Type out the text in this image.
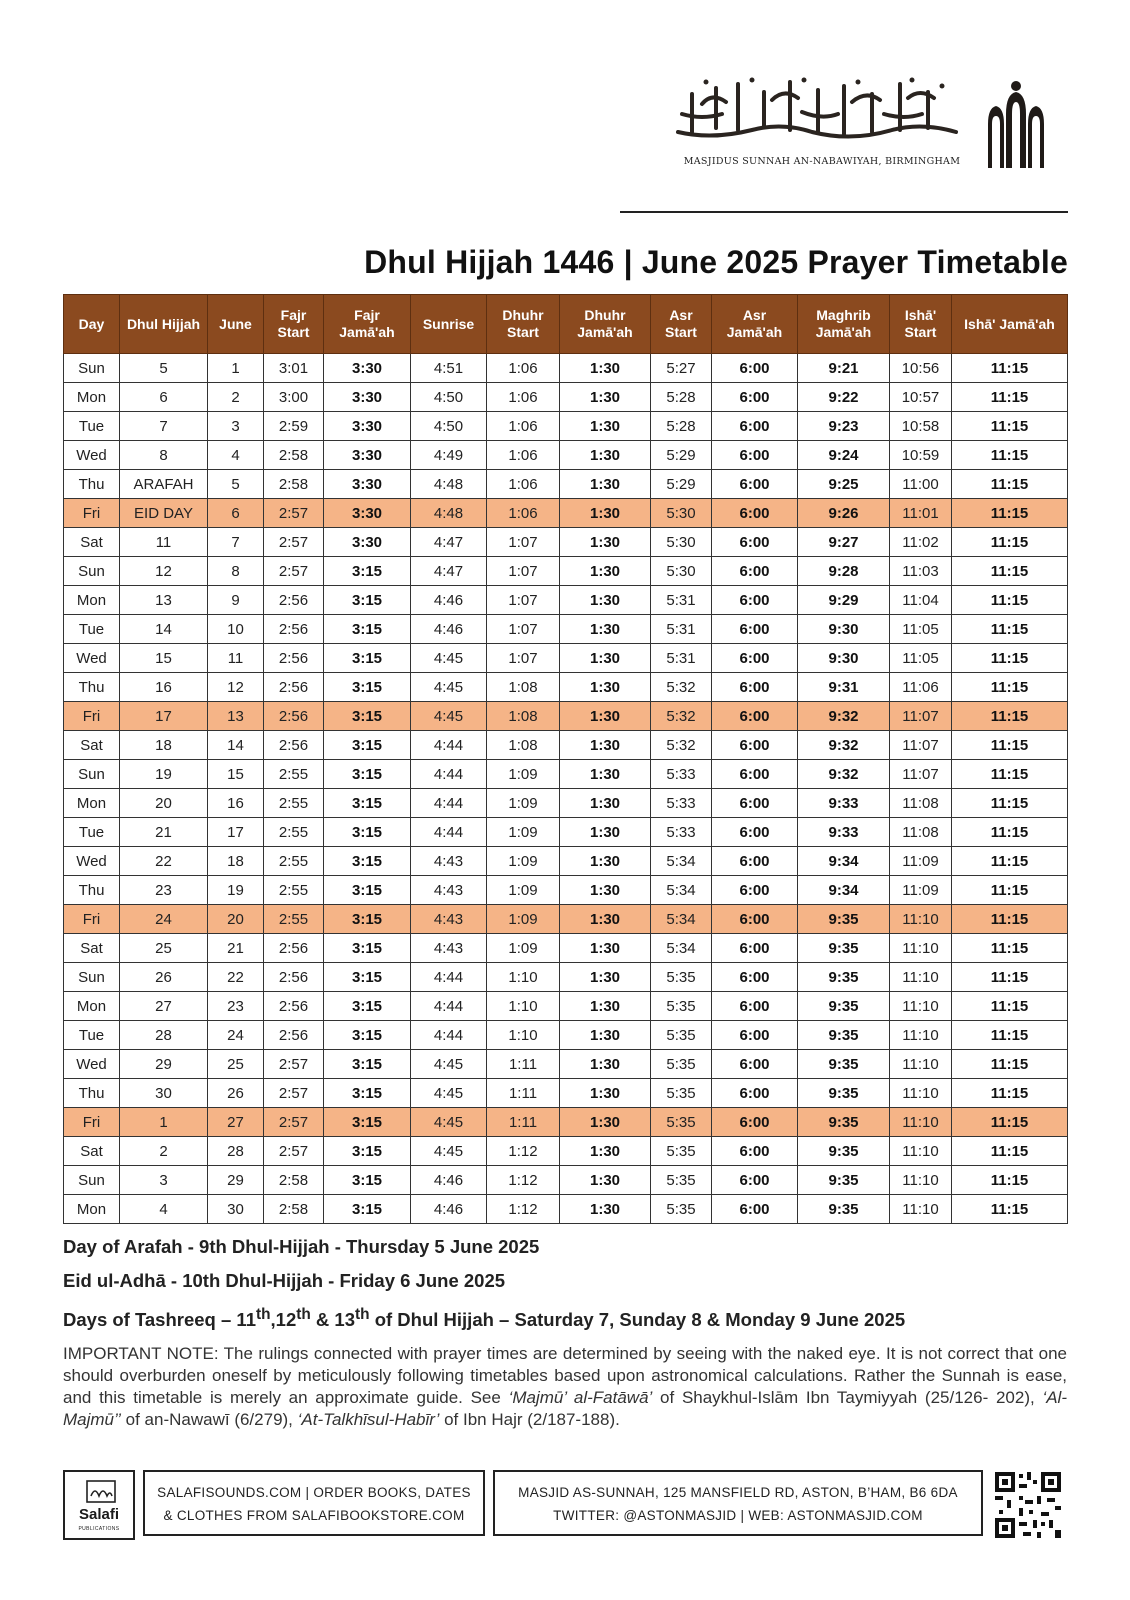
MASJIDUS SUNNAH AN-NABAWIYAH, BIRMINGHAM
Dhul Hijjah 1446 | June 2025 Prayer Timetable
Day	Dhul Hijjah	June	Fajr Start	Fajr Jamā'ah	Sunrise	Dhuhr Start	Dhuhr Jamā'ah	Asr Start	Asr Jamā'ah	Maghrib Jamā'ah	Ishā' Start	Ishā' Jamā'ah
Sun	5	1	3:01	3:30	4:51	1:06	1:30	5:27	6:00	9:21	10:56	11:15
Mon	6	2	3:00	3:30	4:50	1:06	1:30	5:28	6:00	9:22	10:57	11:15
Tue	7	3	2:59	3:30	4:50	1:06	1:30	5:28	6:00	9:23	10:58	11:15
Wed	8	4	2:58	3:30	4:49	1:06	1:30	5:29	6:00	9:24	10:59	11:15
Thu	ARAFAH	5	2:58	3:30	4:48	1:06	1:30	5:29	6:00	9:25	11:00	11:15
Fri	EID DAY	6	2:57	3:30	4:48	1:06	1:30	5:30	6:00	9:26	11:01	11:15
Sat	11	7	2:57	3:30	4:47	1:07	1:30	5:30	6:00	9:27	11:02	11:15
Sun	12	8	2:57	3:15	4:47	1:07	1:30	5:30	6:00	9:28	11:03	11:15
Mon	13	9	2:56	3:15	4:46	1:07	1:30	5:31	6:00	9:29	11:04	11:15
Tue	14	10	2:56	3:15	4:46	1:07	1:30	5:31	6:00	9:30	11:05	11:15
Wed	15	11	2:56	3:15	4:45	1:07	1:30	5:31	6:00	9:30	11:05	11:15
Thu	16	12	2:56	3:15	4:45	1:08	1:30	5:32	6:00	9:31	11:06	11:15
Fri	17	13	2:56	3:15	4:45	1:08	1:30	5:32	6:00	9:32	11:07	11:15
Sat	18	14	2:56	3:15	4:44	1:08	1:30	5:32	6:00	9:32	11:07	11:15
Sun	19	15	2:55	3:15	4:44	1:09	1:30	5:33	6:00	9:32	11:07	11:15
Mon	20	16	2:55	3:15	4:44	1:09	1:30	5:33	6:00	9:33	11:08	11:15
Tue	21	17	2:55	3:15	4:44	1:09	1:30	5:33	6:00	9:33	11:08	11:15
Wed	22	18	2:55	3:15	4:43	1:09	1:30	5:34	6:00	9:34	11:09	11:15
Thu	23	19	2:55	3:15	4:43	1:09	1:30	5:34	6:00	9:34	11:09	11:15
Fri	24	20	2:55	3:15	4:43	1:09	1:30	5:34	6:00	9:35	11:10	11:15
Sat	25	21	2:56	3:15	4:43	1:09	1:30	5:34	6:00	9:35	11:10	11:15
Sun	26	22	2:56	3:15	4:44	1:10	1:30	5:35	6:00	9:35	11:10	11:15
Mon	27	23	2:56	3:15	4:44	1:10	1:30	5:35	6:00	9:35	11:10	11:15
Tue	28	24	2:56	3:15	4:44	1:10	1:30	5:35	6:00	9:35	11:10	11:15
Wed	29	25	2:57	3:15	4:45	1:11	1:30	5:35	6:00	9:35	11:10	11:15
Thu	30	26	2:57	3:15	4:45	1:11	1:30	5:35	6:00	9:35	11:10	11:15
Fri	1	27	2:57	3:15	4:45	1:11	1:30	5:35	6:00	9:35	11:10	11:15
Sat	2	28	2:57	3:15	4:45	1:12	1:30	5:35	6:00	9:35	11:10	11:15
Sun	3	29	2:58	3:15	4:46	1:12	1:30	5:35	6:00	9:35	11:10	11:15
Mon	4	30	2:58	3:15	4:46	1:12	1:30	5:35	6:00	9:35	11:10	11:15
Day of Arafah - 9th Dhul-Hijjah - Thursday 5 June 2025
Eid ul-Adhā - 10th Dhul-Hijjah - Friday 6 June 2025
Days of Tashreeq – 11th,12th & 13th of Dhul Hijjah – Saturday 7, Sunday 8 & Monday 9 June 2025
IMPORTANT NOTE: The rulings connected with prayer times are determined by seeing with the naked eye. It is not correct that one should overburden oneself by meticulously following timetables based upon astronomical calculations. Rather the Sunnah is ease, and this timetable is merely an approximate guide. See ‘Majmū’ al-Fatāwā’ of Shaykhul-Islām Ibn Taymiyyah (25/126- 202), ‘Al-Majmū’’ of an-Nawawī (6/279), ‘At-Talkhīsul-Habīr’ of Ibn Hajr (2/187-188).
Salafi
PUBLICATIONS
SALAFISOUNDS.COM | ORDER BOOKS, DATES
& CLOTHES FROM SALAFIBOOKSTORE.COM
MASJID AS-SUNNAH, 125 MANSFIELD RD, ASTON, B’HAM, B6 6DA
TWITTER: @ASTONMASJID | WEB: ASTONMASJID.COM
